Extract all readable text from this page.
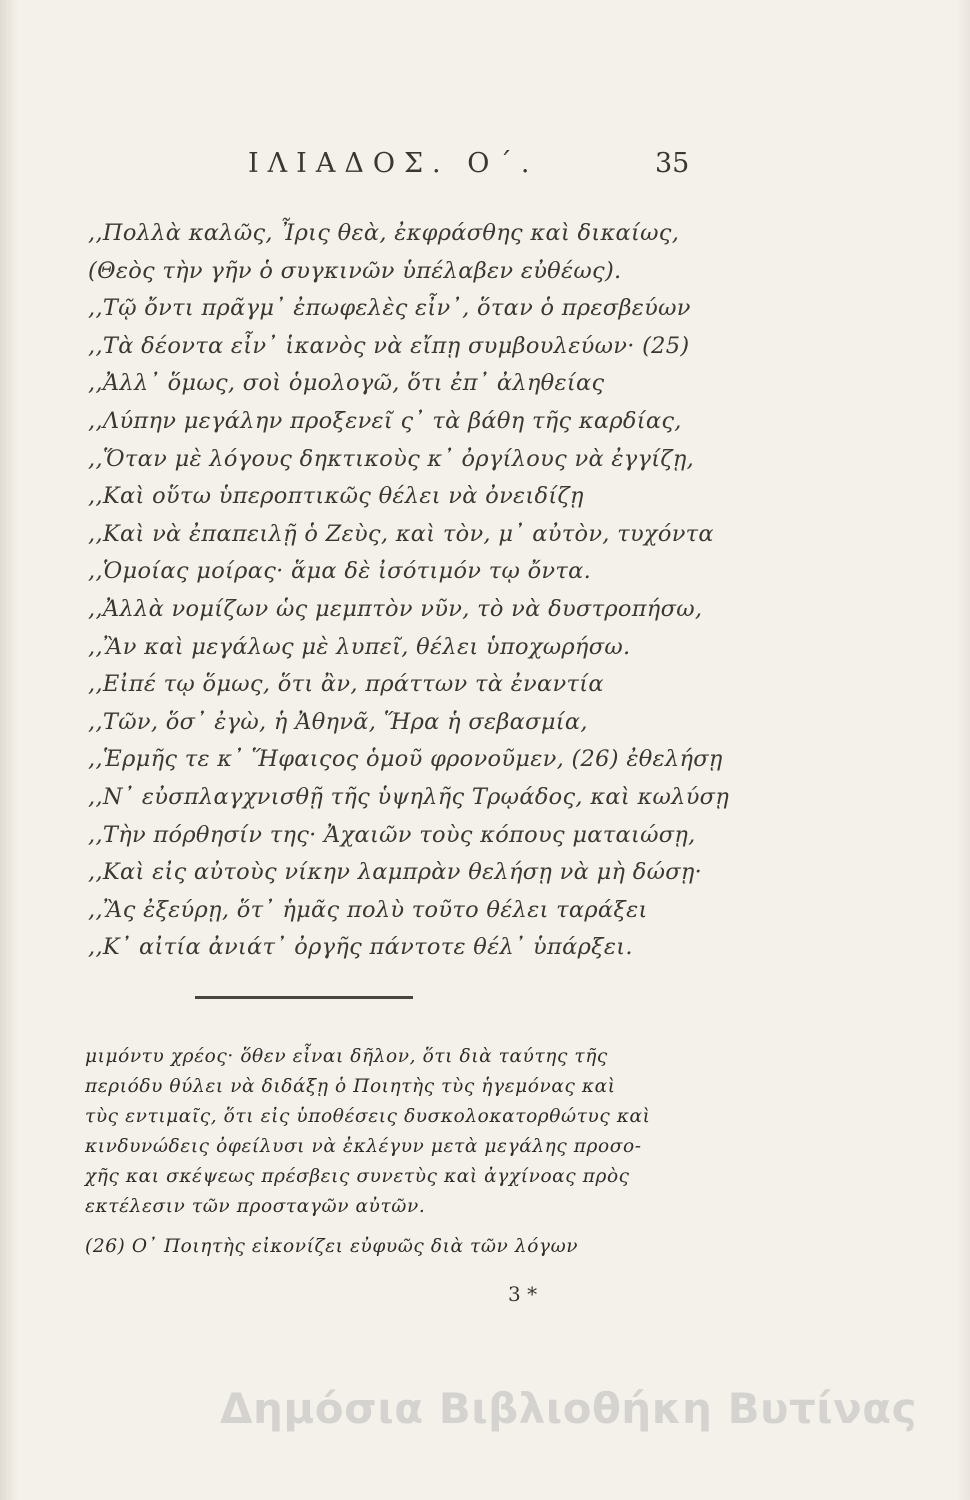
ΙΛΙΑΔΟΣ. Ο΄.	35
,,Πολλὰ καλῶς, Ἶρις θεὰ, ἐκφράσθης καὶ δικαίως,
(Θεὸς τὴν γῆν ὁ συγκινῶν ὑπέλαβεν εὐθέως).
,,Τῷ ὄντι πρᾶγμ᾽ ἐπωφελὲς εἶν᾽, ὅταν ὁ πρεσβεύων
,,Τὰ δέοντα εἶν᾽ ἱκανὸς νὰ εἴπῃ συμβουλεύων· (25)
,,Ἀλλ᾽ ὅμως, σοὶ ὁμολογῶ, ὅτι ἐπ᾽ ἀληθείας
,,Λύπην μεγάλην προξενεῖ ς᾽ τὰ βάθη τῆς καρδίας,
,,Ὅταν μὲ λόγους δηκτικοὺς κ᾽ ὀργίλους νὰ ἐγγίζῃ,
,,Καὶ οὕτω ὑπεροπτικῶς θέλει νὰ ὀνειδίζῃ
,,Καὶ νὰ ἐπαπειλῇ ὁ Ζεὺς, καὶ τὸν, μ᾽ αὐτὸν, τυχόντα
,,Ὁμοίας μοίρας· ἅμα δὲ ἰσότιμόν τῳ ὄντα.
,,Ἀλλὰ νομίζων ὡς μεμπτὸν νῦν, τὸ νὰ δυστροπήσω,
,,Ἂν καὶ μεγάλως μὲ λυπεῖ, θέλει ὑποχωρήσω.
,,Εἰπέ τῳ ὅμως, ὅτι ἂν, πράττων τὰ ἐναντία
,,Τῶν, ὅσ᾽ ἐγὼ, ἡ Ἀθηνᾶ, Ἥρα ἡ σεβασμία,
,,Ἑρμῆς τε κ᾽ Ἥφαιςος ὁμοῦ φρονοῦμεν, (26) ἐθελήσῃ
,,Ν᾽ εὐσπλαγχνισθῇ τῆς ὑψηλῆς Τρῳάδος, καὶ κωλύσῃ
,,Τὴν πόρθησίν της· Ἀχαιῶν τοὺς κόπους ματαιώσῃ,
,,Καὶ εἰς αὐτοὺς νίκην λαμπρὰν θελήσῃ νὰ μὴ δώσῃ·
,,Ἂς ἐξεύρῃ, ὅτ᾽ ἡμᾶς πολὺ τοῦτο θέλει ταράξει
,,Κ᾽ αἰτία ἀνιάτ᾽ ὀργῆς πάντοτε θέλ᾽ ὑπάρξει.
μιμόντυ χρέος· ὅθεν εἶναι δῆλον, ὅτι διὰ ταύτης τῆς
περιόδυ θύλει νὰ διδάξῃ ὁ Ποιητὴς τὺς ἡγεμόνας καὶ
τὺς εντιμαῖς, ὅτι εἰς ὑποθέσεις δυσκολοκατορθώτυς καὶ
κινδυνώδεις ὀφείλυσι νὰ ἐκλέγυν μετὰ μεγάλης προσο-
χῆς και σκέψεως πρέσβεις συνετὺς καὶ ἀγχίνοας πρὸς
εκτέλεσιν τῶν προσταγῶν αὐτῶν.
(26) Ο᾽ Ποιητὴς εἰκονίζει εὐφυῶς διὰ τῶν λόγων
3 *
Δημόσια Βιβλιοθήκη Βυτίνας
